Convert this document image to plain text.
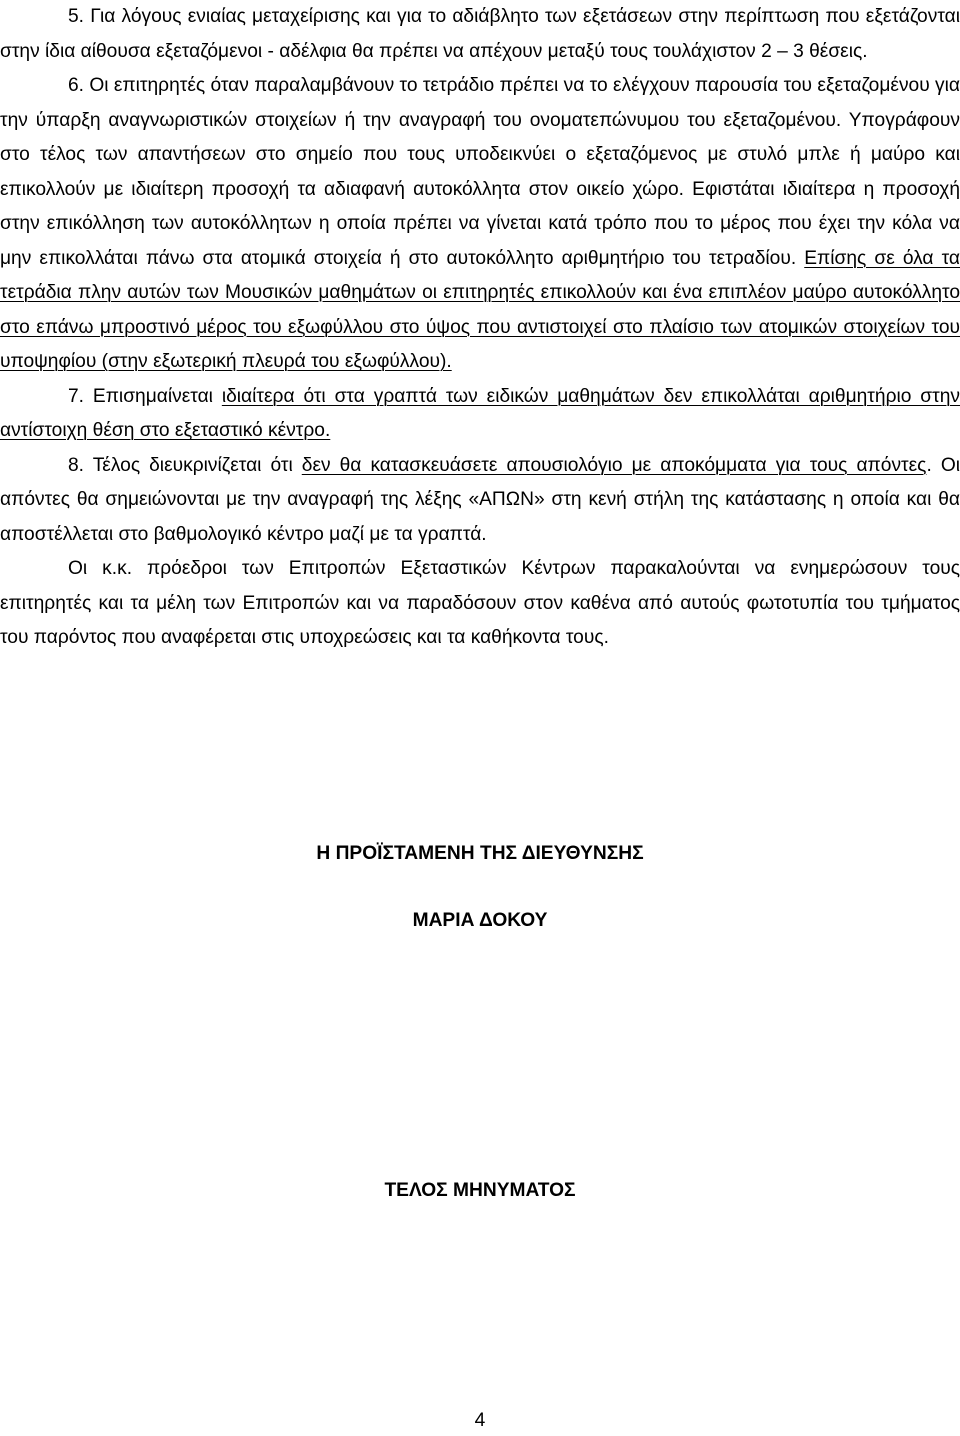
5. Για λόγους ενιαίας μεταχείρισης και για το αδιάβλητο των εξετάσεων στην περίπτωση που εξετάζονται στην ίδια αίθουσα εξεταζόμενοι - αδέλφια θα πρέπει να απέχουν μεταξύ τους τουλάχιστον 2 – 3 θέσεις.

6. Οι επιτηρητές όταν παραλαμβάνουν το τετράδιο πρέπει να το ελέγχουν παρουσία του εξεταζομένου για την ύπαρξη αναγνωριστικών στοιχείων ή την αναγραφή του ονοματεπώνυμου του εξεταζομένου. Υπογράφουν στο τέλος των απαντήσεων στο σημείο που τους υποδεικνύει ο εξεταζόμενος με στυλό μπλε ή μαύρο και επικολλούν με ιδιαίτερη προσοχή τα αδιαφανή αυτοκόλλητα στον οικείο χώρο. Εφιστάται ιδιαίτερα η προσοχή στην επικόλληση των αυτοκόλλητων η οποία πρέπει να γίνεται κατά τρόπο που το μέρος που έχει την κόλα να μην επικολλάται πάνω στα ατομικά στοιχεία ή στο αυτοκόλλητο αριθμητήριο του τετραδίου. Επίσης σε όλα τα τετράδια πλην αυτών των Μουσικών μαθημάτων οι επιτηρητές επικολλούν και ένα επιπλέον μαύρο αυτοκόλλητο στο επάνω μπροστινό μέρος του εξωφύλλου στο ύψος που αντιστοιχεί στο πλαίσιο των ατομικών στοιχείων του υποψηφίου (στην εξωτερική πλευρά του εξωφύλλου).

7. Επισημαίνεται ιδιαίτερα ότι στα γραπτά των ειδικών μαθημάτων δεν επικολλάται αριθμητήριο στην αντίστοιχη θέση στο εξεταστικό κέντρο.

8. Τέλος διευκρινίζεται ότι δεν θα κατασκευάσετε απουσιολόγιο με αποκόμματα για τους απόντες. Οι απόντες θα σημειώνονται με την αναγραφή της λέξης «ΑΠΩΝ» στη κενή στήλη της κατάστασης η οποία και θα αποστέλλεται στο βαθμολογικό κέντρο μαζί με τα γραπτά.

Οι κ.κ. πρόεδροι των Επιτροπών Εξεταστικών Κέντρων παρακαλούνται να ενημερώσουν τους επιτηρητές και τα μέλη των Επιτροπών και να παραδόσουν στον καθένα από αυτούς φωτοτυπία του τμήματος του παρόντος που αναφέρεται στις υποχρεώσεις και τα καθήκοντα τους.

Η ΠΡΟΪΣΤΑΜΕΝΗ ΤΗΣ ΔΙΕΥΘΥΝΣΗΣ

ΜΑΡΙΑ ΔΟΚΟΥ

ΤΕΛΟΣ ΜΗΝΥΜΑΤΟΣ

4
